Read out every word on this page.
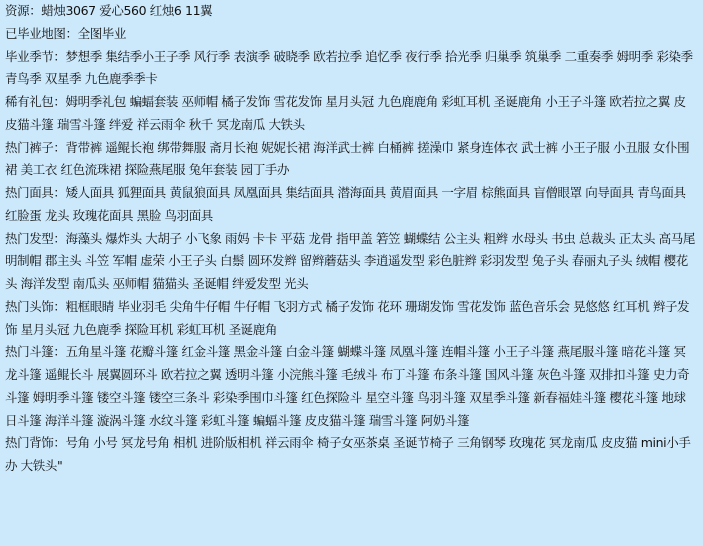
资源：蜡烛3067 爱心560 红烛6 11翼

已毕业地图：全图毕业

毕业季节：梦想季 集结季小王子季 风行季 表演季 破晓季 欧若拉季 追忆季 夜行季 拾光季 归巢季 筑巢季 二重奏季 姆明季 彩染季 青鸟季 双星季 九色鹿季季卡

稀有礼包：姆明季礼包 蝙蝠套装 巫师帽 橘子发饰 雪花发饰 星月头冠 九色鹿鹿角 彩虹耳机 圣诞鹿角 小王子斗篷 欧若拉之翼 皮皮猫斗篷 瑞雪斗篷 绊爱 祥云雨伞 秋千 冥龙南瓜 大铁头

热门裤子：背带裤 遥鲲长袍 绑带舞服 斋月长袍 妮妮长裙 海洋武士裤 白桶裤 搓澡巾 紧身连体衣 武士裤 小王子服 小丑服 女仆围裙 美工衣 红色流珠裙 探险燕尾服 兔年套装 园丁手办

热门面具：矮人面具 狐狸面具 黄鼠狼面具 凤凰面具 集结面具 潜海面具 黄眉面具 一字眉 棕熊面具 盲僧眼罩 向导面具 青鸟面具 红脸蛋 龙头 玫瑰花面具 黑脸 鸟羽面具

热门发型：海藻头 爆炸头 大胡子 小飞象 雨妈 卡卡 平菇 龙骨 指甲盖 箬笠 蝴蝶结 公主头 粗辫 水母头 书虫 总裁头 正太头 高马尾 明制帽 郡主头 斗笠 军帽 虚荣 小王子头 白鬃 圆环发辫 留辫蘑菇头 李逍遥发型 彩色脏辫 彩羽发型 兔子头 春丽丸子头 绒帽 樱花头 海洋发型 南瓜头 巫师帽 猫猫头 圣诞帽 绊爱发型 光头

热门头饰：粗框眼睛 毕业羽毛 尖角牛仔帽 牛仔帽 飞羽方式 橘子发饰 花环 珊瑚发饰 雪花发饰 蓝色音乐会 晃悠悠 红耳机 辫子发饰 星月头冠 九色鹿季 探险耳机 彩虹耳机 圣诞鹿角

热门斗篷：五角星斗篷 花瓣斗篷 红金斗篷 黑金斗篷 白金斗篷 蝴蝶斗篷 凤凰斗篷 连帽斗篷 小王子斗篷 燕尾服斗篷 暗花斗篷 冥龙斗篷 遥鲲长斗 展翼圆环斗 欧若拉之翼 透明斗篷 小浣熊斗篷 毛绒斗 布丁斗篷 布条斗篷 国风斗篷 灰色斗篷 双排扣斗篷 史力奇 斗篷 姆明季斗篷 镂空斗篷 镂空三条斗 彩染季围巾斗篷 红色探险斗 星空斗篷 鸟羽斗篷 双星季斗篷 新春福娃斗篷 樱花斗篷 地球日斗篷 海洋斗篷 漩涡斗篷 水纹斗篷 彩虹斗篷 蝙蝠斗篷 皮皮猫斗篷 瑞雪斗篷 阿奶斗篷

热门背饰：号角 小号 冥龙号角 相机 进阶版相机 祥云雨伞 椅子女巫茶桌 圣诞节椅子 三角钢琴 玫瑰花 冥龙南瓜 皮皮猫 mini小手办 大铁头"
